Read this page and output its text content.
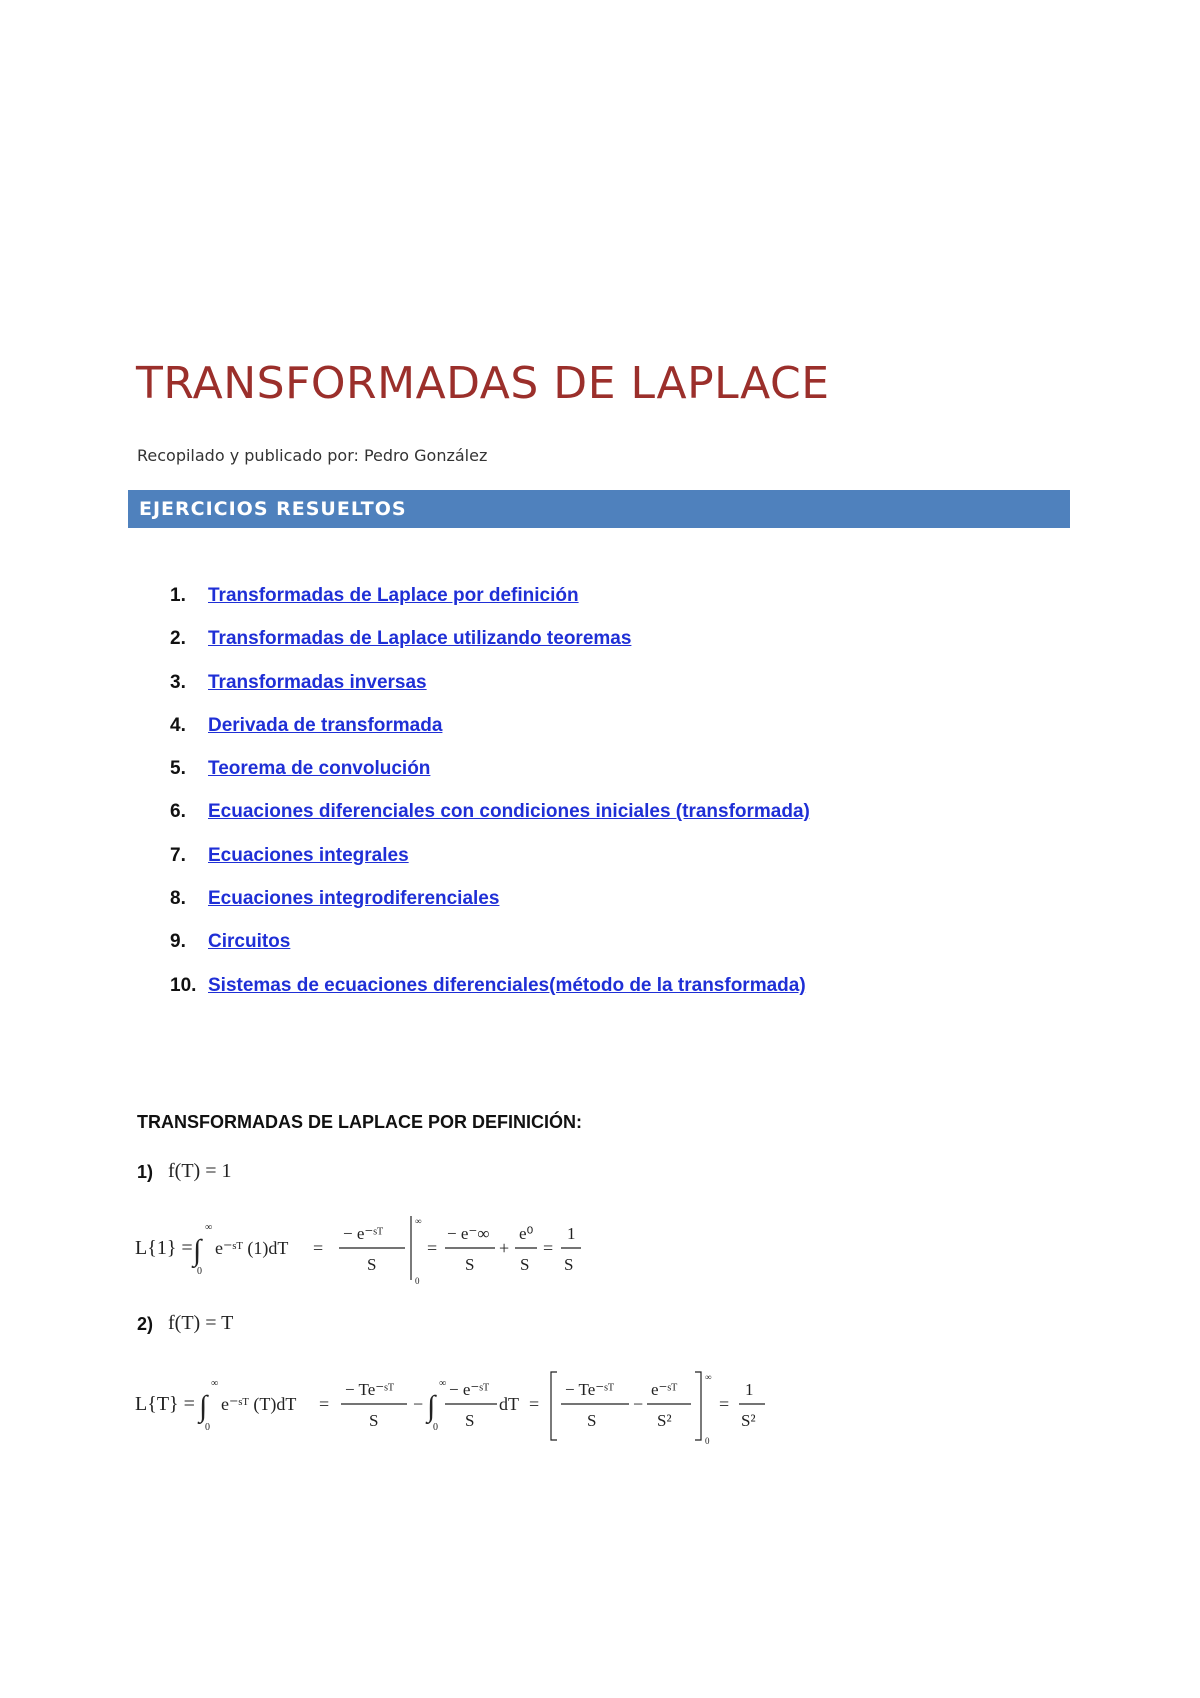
TRANSFORMADAS DE LAPLACE
Recopilado y publicado por: Pedro González
EJERCICIOS RESUELTOS
1.	Transformadas de Laplace por definición
2.	Transformadas de Laplace utilizando teoremas
3.	Transformadas inversas
4.	Derivada de transformada
5.	Teorema de convolución
6.	Ecuaciones diferenciales con condiciones iniciales (transformada)
7.	Ecuaciones integrales
8.	Ecuaciones integrodiferenciales
9.	Circuitos
10. Sistemas de ecuaciones diferenciales(método de la transformada)
TRANSFORMADAS DE LAPLACE POR DEFINICIÓN:
1) f(T) = 1
L{1} = ∫
∞
0
e⁻ˢᵀ (1)dT =
− e⁻ˢᵀ
S
∞
0
=
− e⁻∞
S
+
e⁰
S
=
1
S
2) f(T) = T
L{T} = ∫
∞
0
e⁻ˢᵀ (T)dT =
− Te⁻ˢᵀ
S
− ∫
∞
0
− e⁻ˢᵀ
S
dT =
− Te⁻ˢᵀ
S
−
e⁻ˢᵀ
S²
∞
0
=
1
S²
